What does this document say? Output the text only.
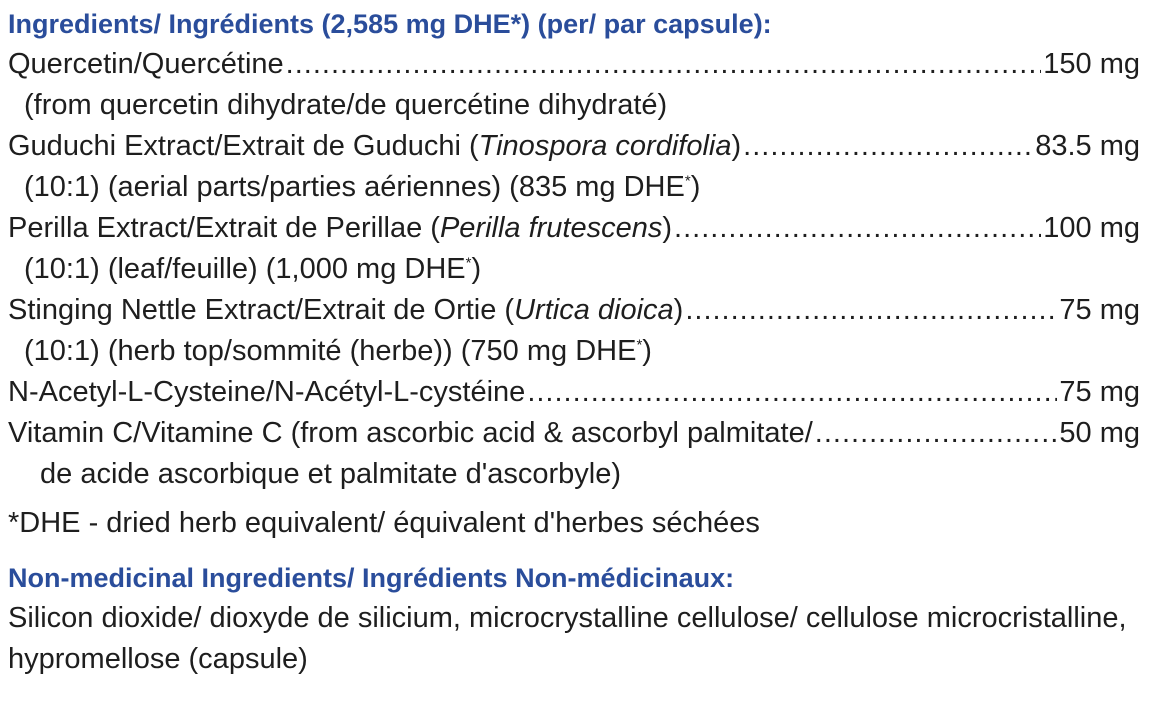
Ingredients/ Ingrédients (2,585 mg DHE*) (per/ par capsule):
Quercetin/Quercétine .....	150 mg
(from quercetin dihydrate/de quercétine dihydraté)
Guduchi Extract/Extrait de Guduchi (Tinospora cordifolia) .....	83.5 mg
(10:1) (aerial parts/parties aériennes) (835 mg DHE*)
Perilla Extract/Extrait de Perillae (Perilla frutescens) .....	100 mg
(10:1) (leaf/feuille) (1,000 mg DHE*)
Stinging Nettle Extract/Extrait de Ortie (Urtica dioica) .....	75 mg
(10:1) (herb top/sommité (herbe)) (750 mg DHE*)
N-Acetyl-L-Cysteine/N-Acétyl-L-cystéine .....	75 mg
Vitamin C/Vitamine C (from ascorbic acid & ascorbyl palmitate/ .....	50 mg
de acide ascorbique et palmitate d'ascorbyle)
*DHE - dried herb equivalent/ équivalent d'herbes séchées
Non-medicinal Ingredients/ Ingrédients Non-médicinaux:
Silicon dioxide/ dioxyde de silicium, microcrystalline cellulose/ cellulose microcristalline, hypromellose (capsule)
